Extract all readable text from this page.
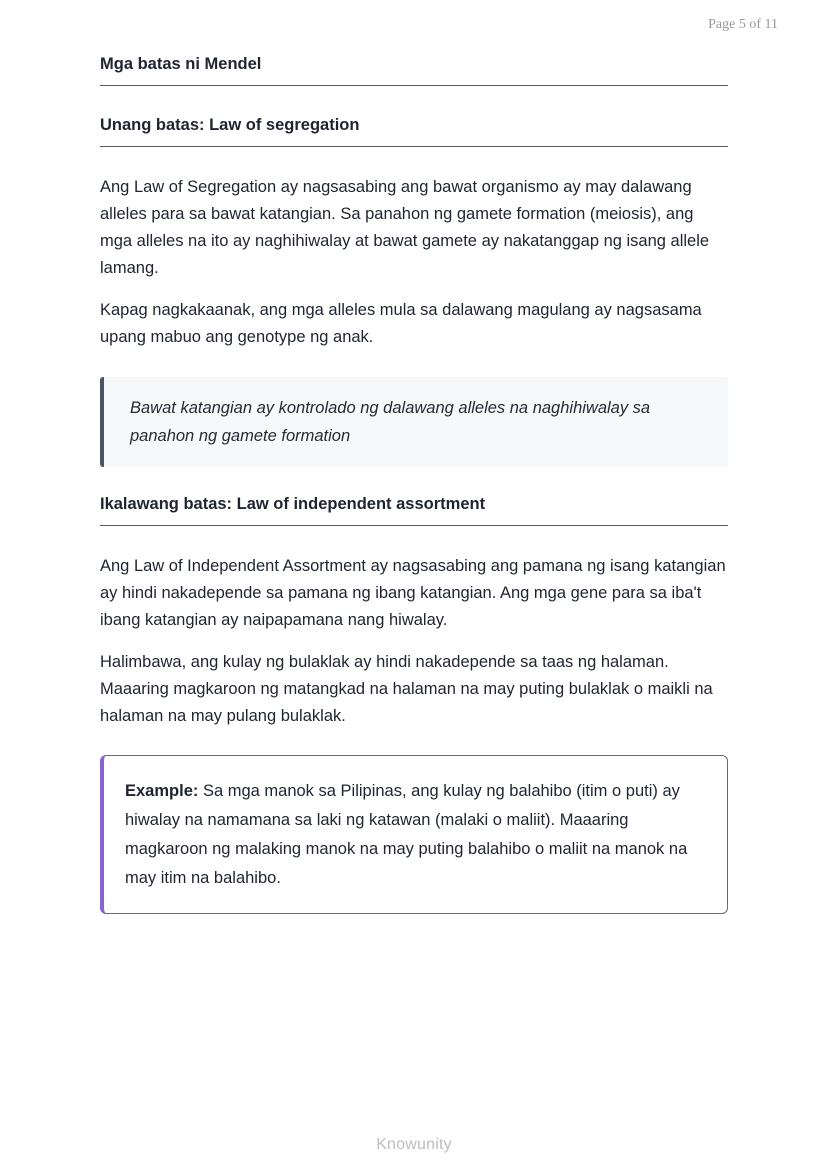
Page 5 of 11
Mga batas ni Mendel
Unang batas: Law of segregation

Ang Law of Segregation ay nagsasabing ang bawat organismo ay may dalawang alleles para sa bawat katangian. Sa panahon ng gamete formation (meiosis), ang mga alleles na ito ay naghihiwalay at bawat gamete ay nakatanggap ng isang allele lamang.

Kapag nagkakaanak, ang mga alleles mula sa dalawang magulang ay nagsasama upang mabuo ang genotype ng anak.

Bawat katangian ay kontrolado ng dalawang alleles na naghihiwalay sa panahon ng gamete formation
Ikalawang batas: Law of independent assortment

Ang Law of Independent Assortment ay nagsasabing ang pamana ng isang katangian ay hindi nakadepende sa pamana ng ibang katangian. Ang mga gene para sa iba't ibang katangian ay naipapamana nang hiwalay.

Halimbawa, ang kulay ng bulaklak ay hindi nakadepende sa taas ng halaman. Maaaring magkaroon ng matangkad na halaman na may puting bulaklak o maikli na halaman na may pulang bulaklak.

Example: Sa mga manok sa Pilipinas, ang kulay ng balahibo (itim o puti) ay hiwalay na namamana sa laki ng katawan (malaki o maliit). Maaaring magkaroon ng malaking manok na may puting balahibo o maliit na manok na may itim na balahibo.
Knowunity
